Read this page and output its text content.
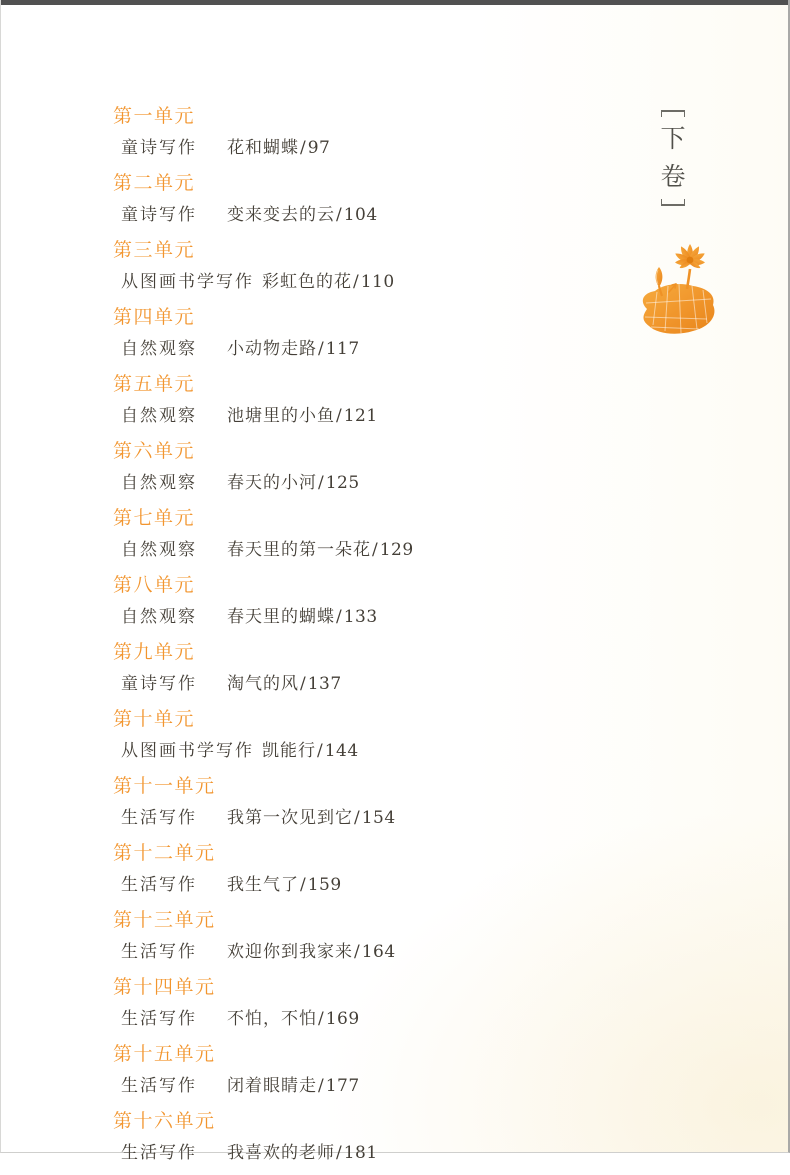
第一单元
童诗写作	花和蝴蝶/97
第二单元
童诗写作	变来变去的云/104
第三单元
从图画书学写作 彩虹色的花/110
第四单元
自然观察	小动物走路/117
第五单元
自然观察	池塘里的小鱼/121
第六单元
自然观察	春天的小河/125
第七单元
自然观察	春天里的第一朵花/129
第八单元
自然观察	春天里的蝴蝶/133
第九单元
童诗写作	淘气的风/137
第十单元
从图画书学写作 凯能行/144
第十一单元
生活写作	我第一次见到它/154
第十二单元
生活写作	我生气了/159
第十三单元
生活写作	欢迎你到我家来/164
第十四单元
生活写作	不怕，不怕/169
第十五单元
生活写作	闭着眼睛走/177
第十六单元
生活写作	我喜欢的老师/181
下
卷
